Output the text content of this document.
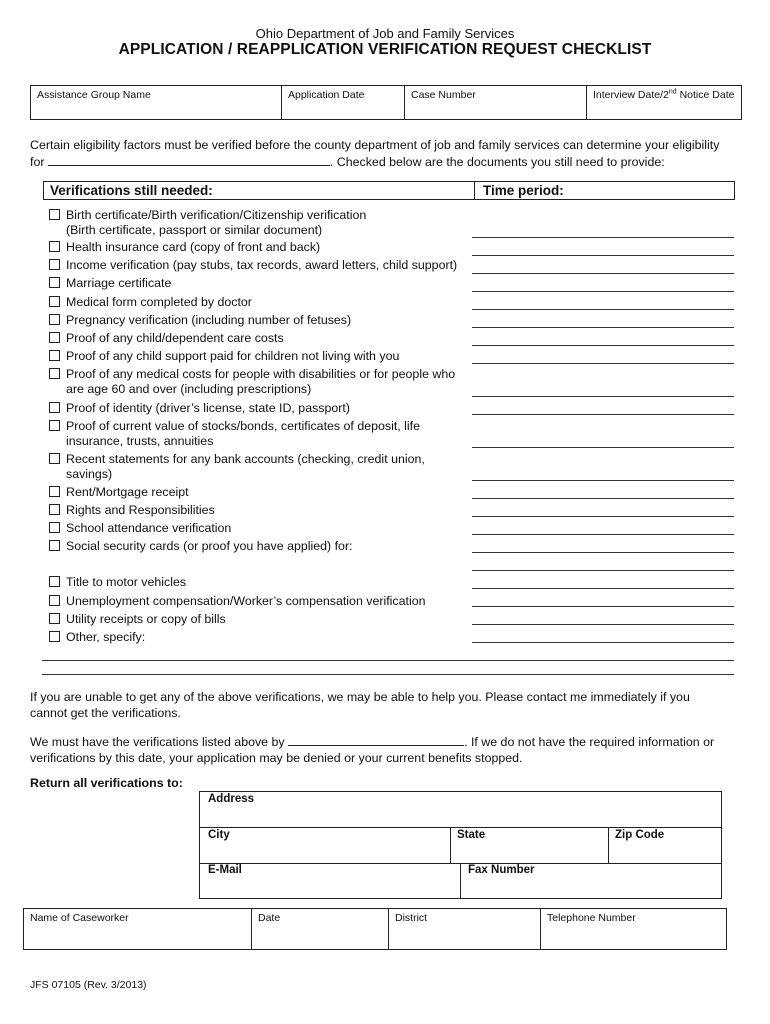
Ohio Department of Job and Family Services
APPLICATION / REAPPLICATION VERIFICATION REQUEST CHECKLIST
Assistance Group Name	Application Date	Case Number	Interview Date/2nd Notice Date
Certain eligibility factors must be verified before the county department of job and family services can determine your eligibility
for	. Checked below are the documents you still need to provide:
Verifications still needed:	Time period:
Birth certificate/Birth verification/Citizenship verification
(Birth certificate, passport or similar document)
Health insurance card (copy of front and back)
Income verification (pay stubs, tax records, award letters, child support)
Marriage certificate
Medical form completed by doctor
Pregnancy verification (including number of fetuses)
Proof of any child/dependent care costs
Proof of any child support paid for children not living with you
Proof of any medical costs for people with disabilities or for people who
are age 60 and over (including prescriptions)
Proof of identity (driver’s license, state ID, passport)
Proof of current value of stocks/bonds, certificates of deposit, life
insurance, trusts, annuities
Recent statements for any bank accounts (checking, credit union,
savings)
Rent/Mortgage receipt
Rights and Responsibilities
School attendance verification
Social security cards (or proof you have applied) for:
Title to motor vehicles
Unemployment compensation/Worker’s compensation verification
Utility receipts or copy of bills
Other, specify:
If you are unable to get any of the above verifications, we may be able to help you. Please contact me immediately if you
cannot get the verifications.
We must have the verifications listed above by	. If we do not have the required information or
verifications by this date, your application may be denied or your current benefits stopped.
Return all verifications to:
Address
City	State	Zip Code
E-Mail	Fax Number
Name of Caseworker	Date	District	Telephone Number
JFS 07105 (Rev. 3/2013)
